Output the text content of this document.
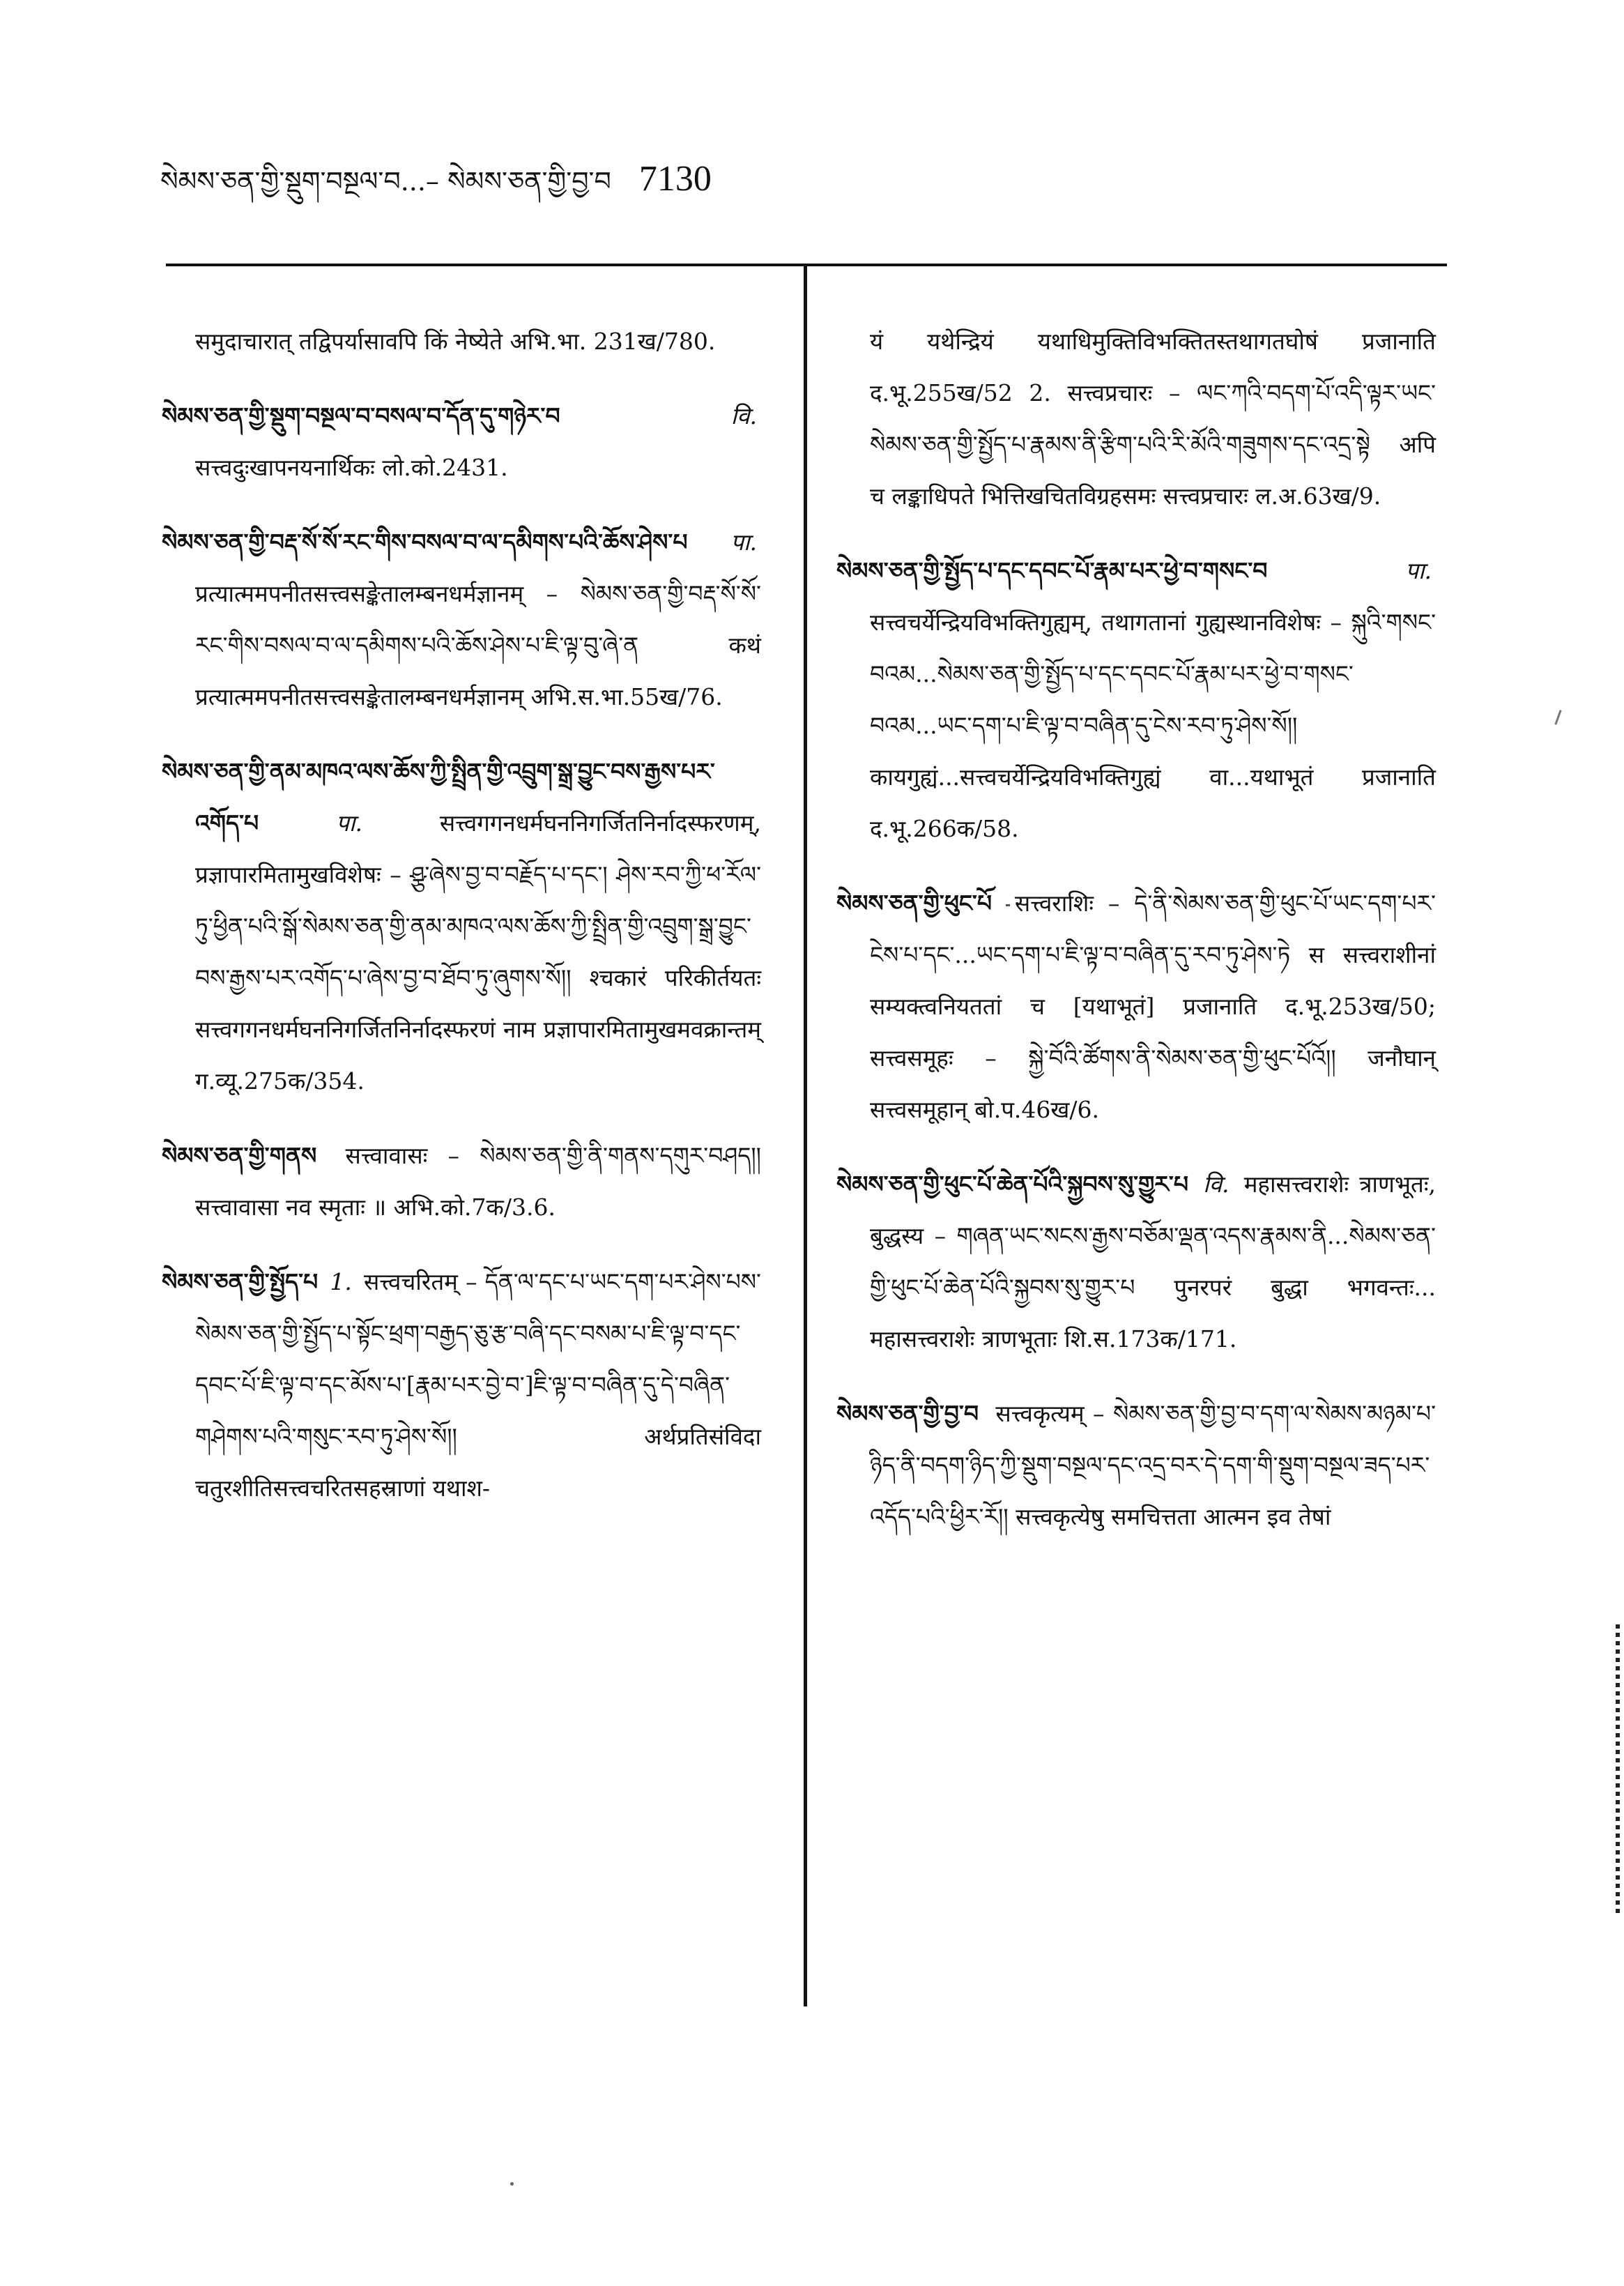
སེམས་ཅན་གྱི་སྡུག་བསྔལ་བ...– སེམས་ཅན་གྱི་བྱ་བ 7130

समुदाचारात् तद्विपर्यासावपि किं नेष्येते अभि.भा. 231ख/780.

སེམས་ཅན་གྱི་སྡུག་བསྔལ་བ་བསལ་བ་དོན་དུ་གཉེར་བ	वि. सत्त्वदुःखापनयनार्थिकः लो.को.2431.

སེམས་ཅན་གྱི་བརྡ་སོ་སོ་རང་གིས་བསལ་བ་ལ་དམིགས་པའི་ཆོས་ཤེས་པ पा. प्रत्यात्ममपनीतसत्त्वसङ्केतालम्बनधर्मज्ञानम् – སེམས་ཅན་གྱི་བརྡ་སོ་སོ་རང་གིས་བསལ་བ་ལ་དམིགས་པའི་ཆོས་ཤེས་པ་ཇི་ལྟ་བུ་ཞེ་ན कथं प्रत्यात्ममपनीतसत्त्वसङ्केतालम्बनधर्मज्ञानम् अभि.स.भा.55ख/76.

སེམས་ཅན་གྱི་ནམ་མཁའ་ལས་ཆོས་ཀྱི་སྤྲིན་གྱི་འབྲུག་སྒྲ་བྱུང་བས་རྒྱས་པར་འགོད་པ	पा.	सत्त्वगगनधर्मघननिगर्जितनिर्नादस्फरणम्, प्रज्ञापारमितामुखविशेषः – ཤྩ་ཞེས་བྱ་བ་བརྗོད་པ་དང་། ཤེས་རབ་ཀྱི་ཕ་རོལ་ཏུ་ཕྱིན་པའི་སྒོ་སེམས་ཅན་གྱི་ནམ་མཁའ་ལས་ཆོས་ཀྱི་སྤྲིན་གྱི་འབྲུག་སྒྲ་བྱུང་བས་རྒྱས་པར་འགོད་པ་ཞེས་བྱ་བ་ཐོབ་ཏུ་ཞུགས་སོ།། श्चकारं परिकीर्तयतः सत्त्वगगनधर्मघननिगर्जितनिर्नादस्फरणं नाम प्रज्ञापारमितामुखमवक्रान्तम् ग.व्यू.275क/354.

སེམས་ཅན་གྱི་གནས सत्त्वावासः – སེམས་ཅན་གྱི་ནི་གནས་དགུར་བཤད།། सत्त्वावासा नव स्मृताः ॥ अभि.को.7क/3.6.

སེམས་ཅན་གྱི་སྤྱོད་པ 1. सत्त्वचरितम् – དོན་ལ་དང་པ་ཡང་དག་པར་ཤེས་པས་སེམས་ཅན་གྱི་སྤྱོད་པ་སྟོང་ཕྲག་བརྒྱད་ཅུ་རྩ་བཞི་དང་བསམ་པ་ཇི་ལྟ་བ་དང་དབང་པོ་ཇི་ལྟ་བ་དང་མོས་པ་[རྣམ་པར་བྱེ་བ་]ཇི་ལྟ་བ་བཞིན་དུ་དེ་བཞིན་གཤེགས་པའི་གསུང་རབ་ཏུ་ཤེས་སོ།། अर्थप्रतिसंविदा चतुरशीतिसत्त्वचरितसहस्राणां यथाश-

यं यथेन्द्रियं यथाधिमुक्तिविभक्तितस्तथागतघोषं प्रजानाति द.भू.255ख/52 2. सत्त्वप्रचारः – ལང་ཀའི་བདག་པོ་འདི་ལྟར་ཡང་སེམས་ཅན་གྱི་སྤྱོད་པ་རྣམས་ནི་རྩིག་པའི་རི་མོའི་གཟུགས་དང་འདྲ་སྟེ अपि च लङ्काधिपते भित्तिखचितविग्रहसमः सत्त्वप्रचारः ल.अ.63ख/9.

སེམས་ཅན་གྱི་སྤྱོད་པ་དང་དབང་པོ་རྣམ་པར་ཕྱེ་བ་གསང་བ	पा. सत्त्वचर्येन्द्रियविभक्तिगुह्यम्, तथागतानां गुह्यस्थानविशेषः – སྐུའི་གསང་བའམ...སེམས་ཅན་གྱི་སྤྱོད་པ་དང་དབང་པོ་རྣམ་པར་ཕྱེ་བ་གསང་བའམ...ཡང་དག་པ་ཇི་ལྟ་བ་བཞིན་དུ་ངེས་རབ་ཏུ་ཤེས་སོ།། कायगुह्यं...सत्त्वचर्येन्द्रियविभक्तिगुह्यं वा...यथाभूतं प्रजानाति द.भू.266क/58.

སེམས་ཅན་གྱི་ཕུང་པོ सत्त्वराशिः – དེ་ནི་སེམས་ཅན་གྱི་ཕུང་པོ་ཡང་དག་པར་ངེས་པ་དང་...ཡང་དག་པ་ཇི་ལྟ་བ་བཞིན་དུ་རབ་ཏུ་ཤེས་ཏེ स सत्त्वराशीनां सम्यक्त्वनियततां च [यथाभूतं] प्रजानाति द.भू.253ख/50; सत्त्वसमूहः – སྐྱེ་བོའི་ཚོགས་ནི་སེམས་ཅན་གྱི་ཕུང་པོའོ།། जनौघान् सत्त्वसमूहान् बो.प.46ख/6.

སེམས་ཅན་གྱི་ཕུང་པོ་ཆེན་པོའི་སྐྱབས་སུ་གྱུར་པ वि. महासत्त्वराशेः त्राणभूतः, बुद्धस्य – གཞན་ཡང་སངས་རྒྱས་བཅོམ་ལྡན་འདས་རྣམས་ནི...སེམས་ཅན་གྱི་ཕུང་པོ་ཆེན་པོའི་སྐྱབས་སུ་གྱུར་པ पुनरपरं बुद्धा भगवन्तः... महासत्त्वराशेः त्राणभूताः शि.स.173क/171.

སེམས་ཅན་གྱི་བྱ་བ सत्त्वकृत्यम् – སེམས་ཅན་གྱི་བྱ་བ་དག་ལ་སེམས་མཉམ་པ་ཉིད་ནི་བདག་ཉིད་ཀྱི་སྡུག་བསྔལ་དང་འདྲ་བར་དེ་དག་གི་སྡུག་བསྔལ་ཟད་པར་འདོད་པའི་ཕྱིར་རོ།། सत्त्वकृत्येषु समचित्तता आत्मन इव तेषां
